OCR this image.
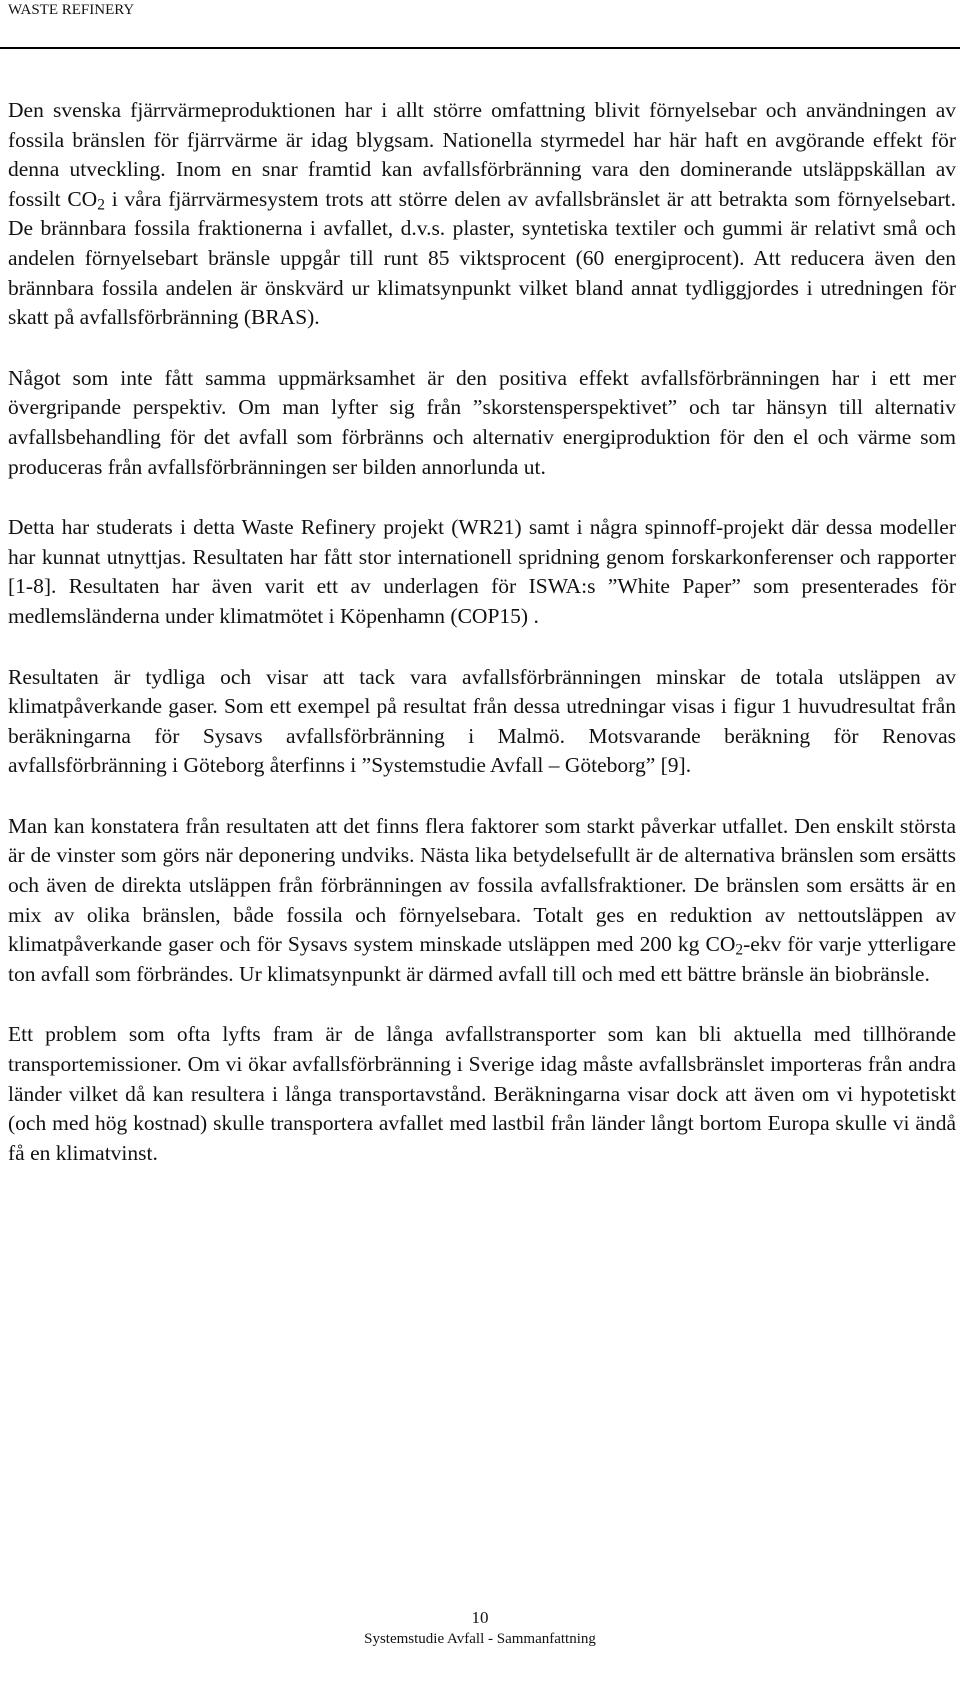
WASTE REFINERY

Den svenska fjärrvärmeproduktionen har i allt större omfattning blivit förnyelsebar och användningen av fossila bränslen för fjärrvärme är idag blygsam. Nationella styrmedel har här haft en avgörande effekt för denna utveckling. Inom en snar framtid kan avfallsförbränning vara den dominerande utsläppskällan av fossilt $CO_2$ i våra fjärrvärmesystem trots att större delen av avfallsbränslet är att betrakta som förnyelsebart. De brännbara fossila fraktionerna i avfallet, d.v.s. plaster, syntetiska textiler och gummi är relativt små och andelen förnyelsebart bränsle uppgår till runt 85 viktsprocent (60 energiprocent). Att reducera även den brännbara fossila andelen är önskvärd ur klimatsynpunkt vilket bland annat tydliggjordes i utredningen för skatt på avfallsförbränning (BRAS).

Något som inte fått samma uppmärksamhet är den positiva effekt avfallsförbränningen har i ett mer övergripande perspektiv. Om man lyfter sig från ”skorstensperspektivet” och tar hänsyn till alternativ avfallsbehandling för det avfall som förbränns och alternativ energiproduktion för den el och värme som produceras från avfallsförbränningen ser bilden annorlunda ut.

Detta har studerats i detta Waste Refinery projekt (WR21) samt i några spinnoff-projekt där dessa modeller har kunnat utnyttjas. Resultaten har fått stor internationell spridning genom forskarkonferenser och rapporter [1-8]. Resultaten har även varit ett av underlagen för ISWA:s ”White Paper” som presenterades för medlemsländerna under klimatmötet i Köpenhamn (COP15) .

Resultaten är tydliga och visar att tack vara avfallsförbränningen minskar de totala utsläppen av klimatpåverkande gaser. Som ett exempel på resultat från dessa utredningar visas i figur 1 huvudresultat från beräkningarna för Sysavs avfallsförbränning i Malmö. Motsvarande beräkning för Renovas avfallsförbränning i Göteborg återfinns i ”Systemstudie Avfall – Göteborg” [9].

Man kan konstatera från resultaten att det finns flera faktorer som starkt påverkar utfallet. Den enskilt största är de vinster som görs när deponering undviks. Nästa lika betydelsefullt är de alternativa bränslen som ersätts och även de direkta utsläppen från förbränningen av fossila avfallsfraktioner. De bränslen som ersätts är en mix av olika bränslen, både fossila och förnyelsebara. Totalt ges en reduktion av nettoutsläppen av klimatpåverkande gaser och för Sysavs system minskade utsläppen med 200 kg $CO_2$-ekv för varje ytterligare ton avfall som förbrändes. Ur klimatsynpunkt är därmed avfall till och med ett bättre bränsle än biobränsle.

Ett problem som ofta lyfts fram är de långa avfallstransporter som kan bli aktuella med tillhörande transportemissioner. Om vi ökar avfallsförbränning i Sverige idag måste avfallsbränslet importeras från andra länder vilket då kan resultera i långa transportavstånd. Beräkningarna visar dock att även om vi hypotetiskt (och med hög kostnad) skulle transportera avfallet med lastbil från länder långt bortom Europa skulle vi ändå få en klimatvinst.

10
Systemstudie Avfall - Sammanfattning
